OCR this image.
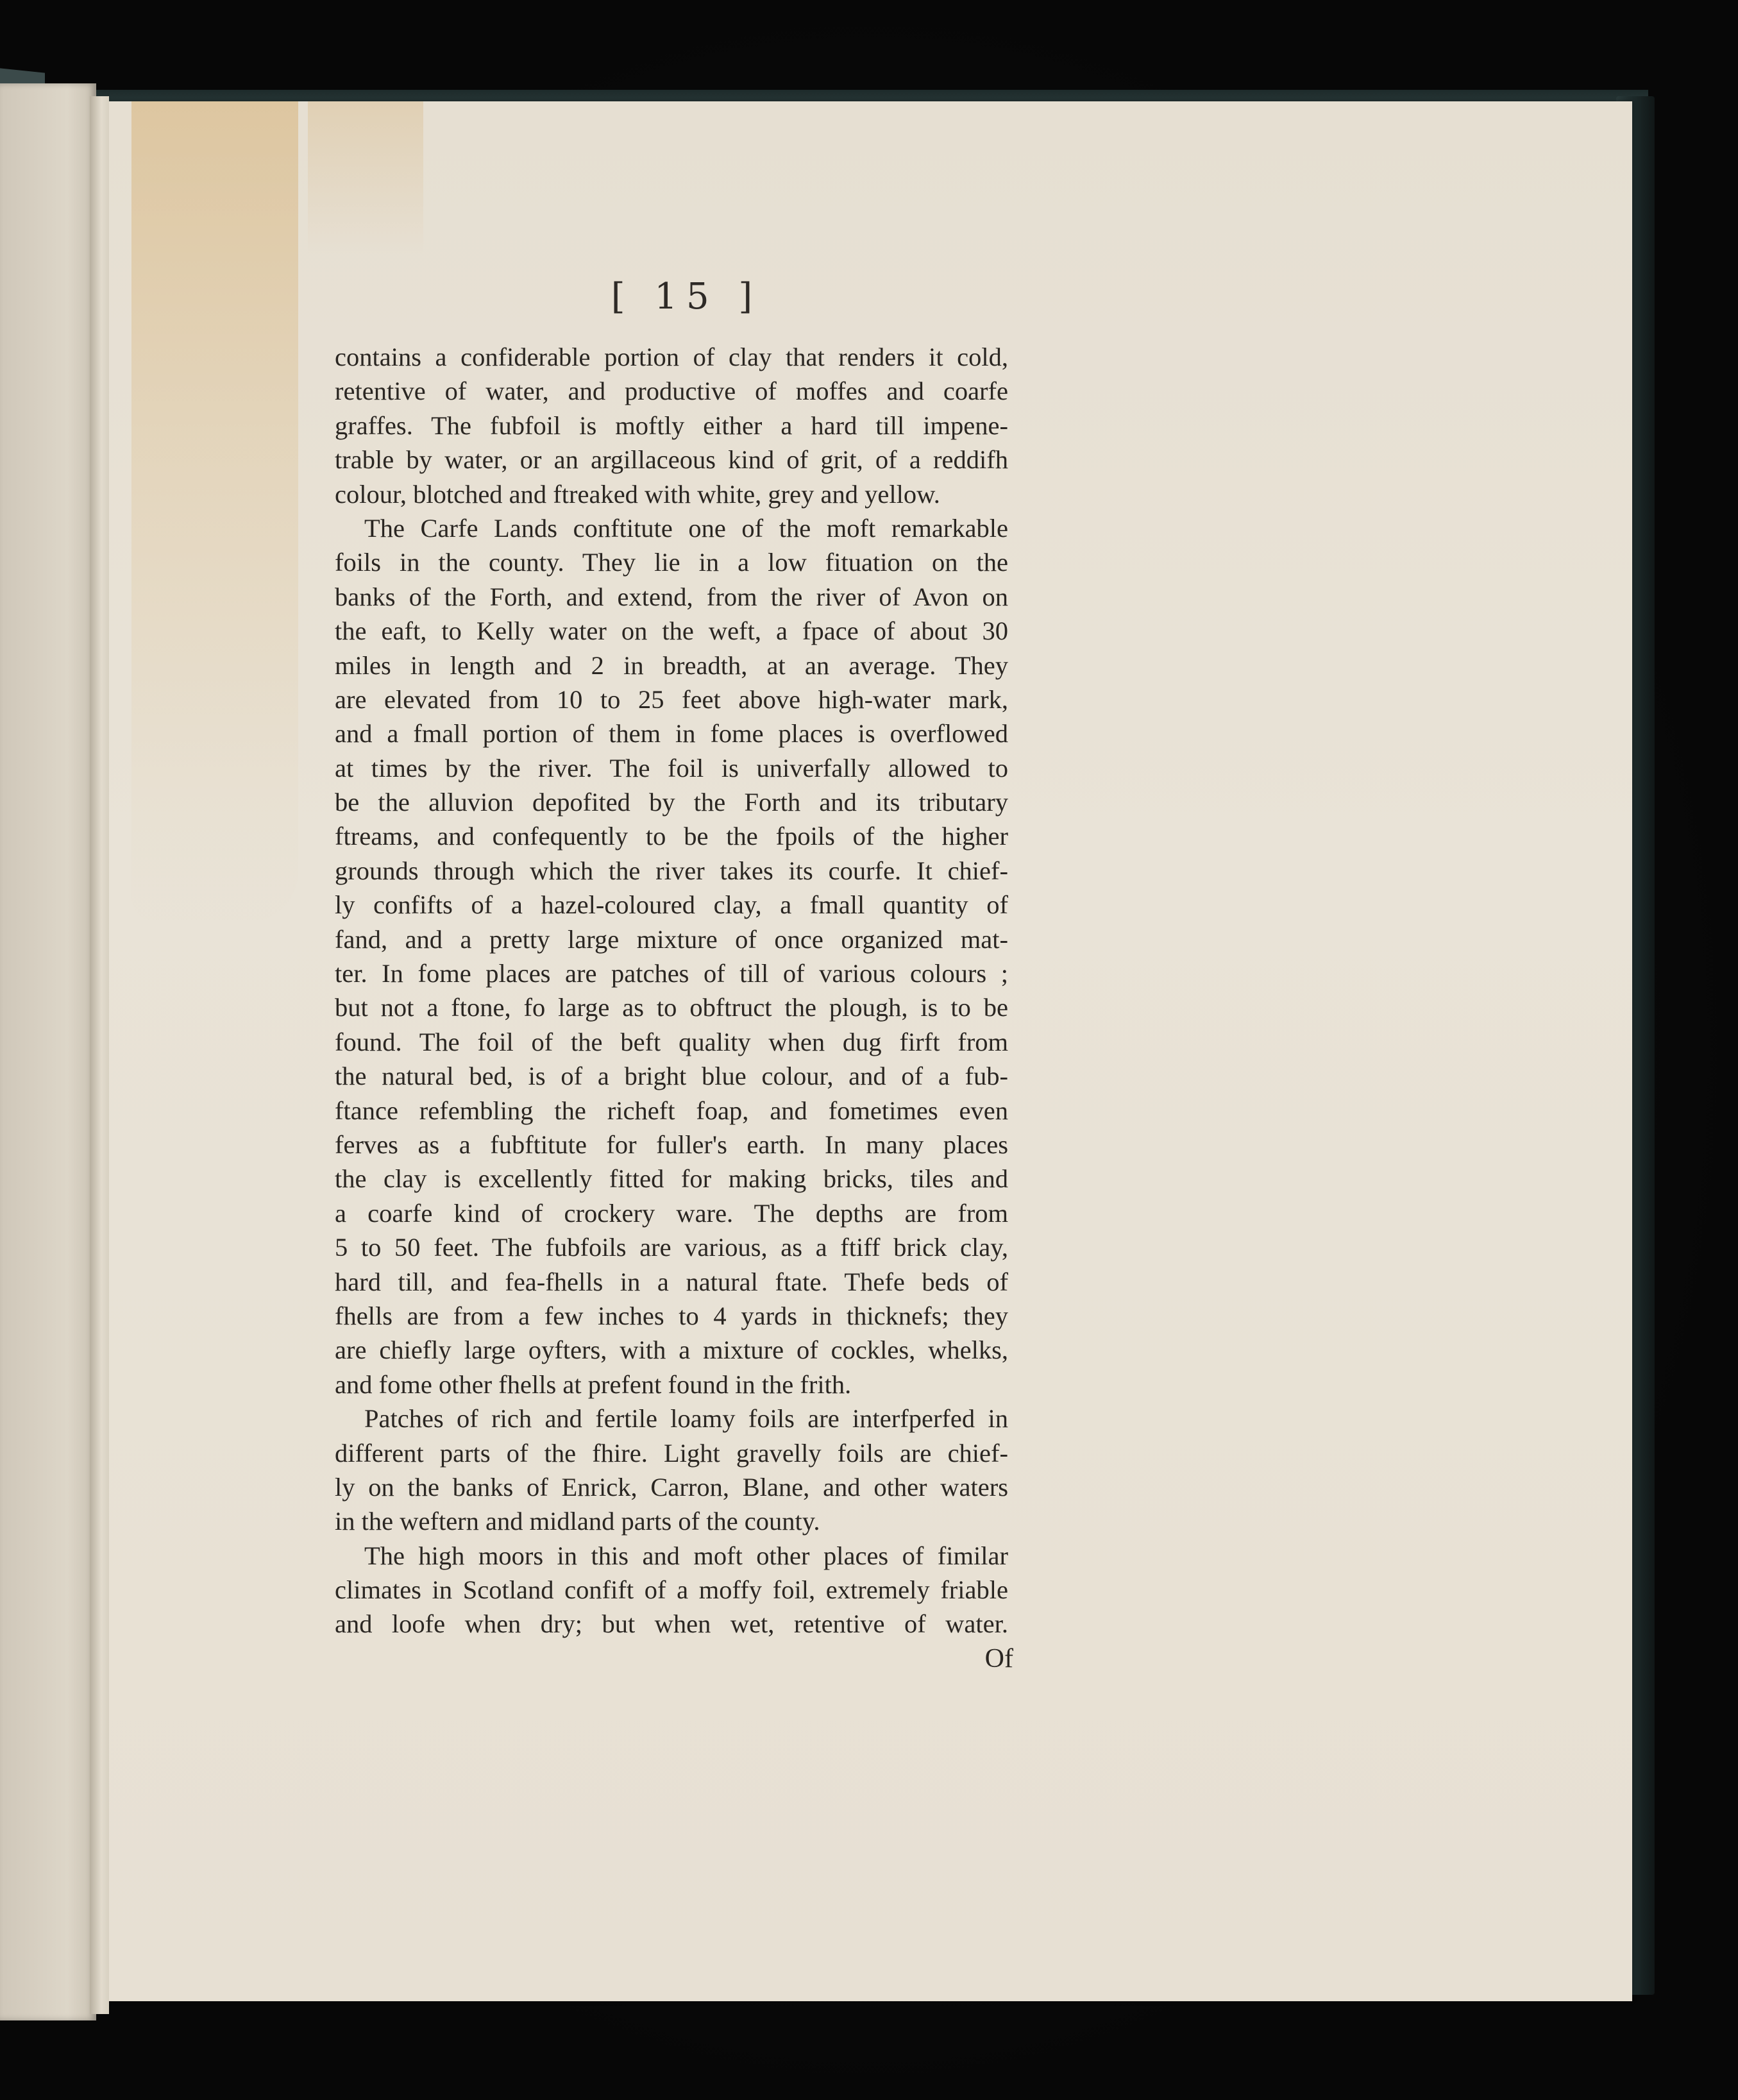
[ 15 ]
contains a confiderable portion of clay that renders it cold,
retentive of water, and productive of moffes and coarfe
graffes. The fubfoil is moftly either a hard till impene-
trable by water, or an argillaceous kind of grit, of a reddifh
colour, blotched and ftreaked with white, grey and yellow.
The Carfe Lands conftitute one of the moft remarkable
foils in the county. They lie in a low fituation on the
banks of the Forth, and extend, from the river of Avon on
the eaft, to Kelly water on the weft, a fpace of about 30
miles in length and 2 in breadth, at an average. They
are elevated from 10 to 25 feet above high-water mark,
and a fmall portion of them in fome places is overflowed
at times by the river. The foil is univerfally allowed to
be the alluvion depofited by the Forth and its tributary
ftreams, and confequently to be the fpoils of the higher
grounds through which the river takes its courfe. It chief-
ly confifts of a hazel-coloured clay, a fmall quantity of
fand, and a pretty large mixture of once organized mat-
ter. In fome places are patches of till of various colours ;
but not a ftone, fo large as to obftruct the plough, is to be
found. The foil of the beft quality when dug firft from
the natural bed, is of a bright blue colour, and of a fub-
ftance refembling the richeft foap, and fometimes even
ferves as a fubftitute for fuller's earth. In many places
the clay is excellently fitted for making bricks, tiles and
a coarfe kind of crockery ware. The depths are from
5 to 50 feet. The fubfoils are various, as a ftiff brick clay,
hard till, and fea-fhells in a natural ftate. Thefe beds of
fhells are from a few inches to 4 yards in thicknefs; they
are chiefly large oyfters, with a mixture of cockles, whelks,
and fome other fhells at prefent found in the frith.
Patches of rich and fertile loamy foils are interfperfed in
different parts of the fhire. Light gravelly foils are chief-
ly on the banks of Enrick, Carron, Blane, and other waters
in the weftern and midland parts of the county.
The high moors in this and moft other places of fimilar
climates in Scotland confift of a moffy foil, extremely friable
and loofe when dry; but when wet, retentive of water.
Of
